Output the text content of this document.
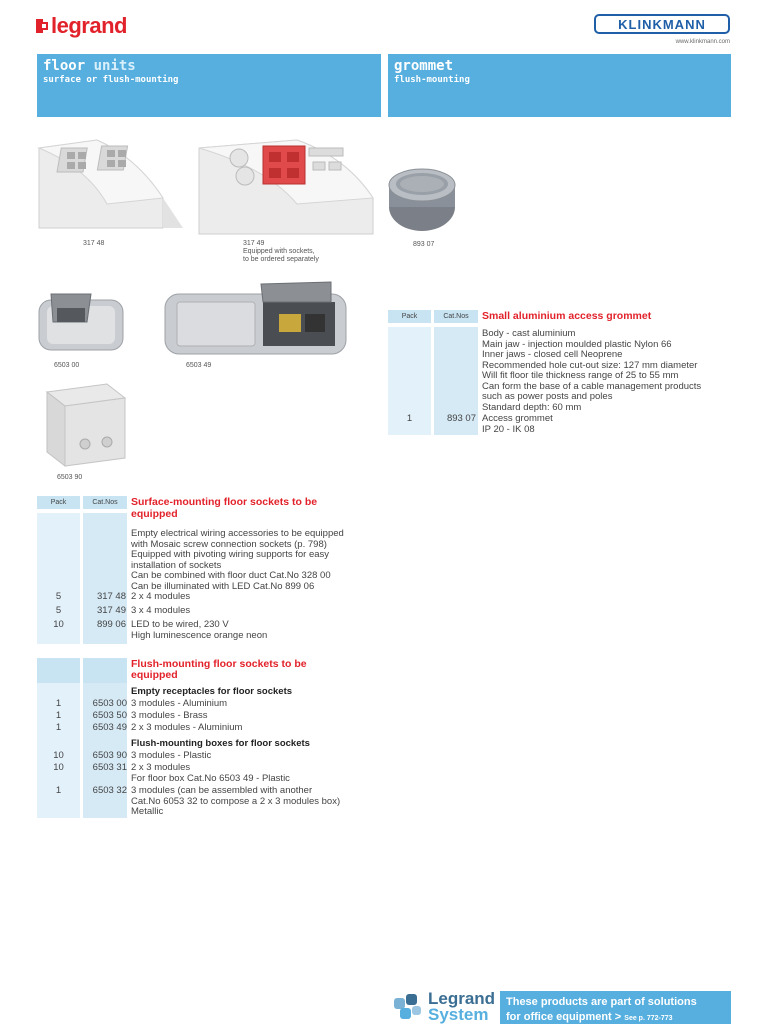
legrand	KLINKMANN
www.klinkmann.com
floor units
surface or flush-mounting
grommet
flush-mounting
317 48	317 49
Equipped with sockets,
to be ordered separately
893 07
6503 00	6503 49
6503 90
Pack	Cat.Nos	Small aluminium access grommet
Body - cast aluminium
Main jaw - injection moulded plastic Nylon 66
Inner jaws - closed cell Neoprene
Recommended hole cut-out size: 127 mm diameter
Will fit floor tile thickness range of 25 to 55 mm
Can form the base of a cable management products
such as power posts and poles
Standard depth: 60 mm
1	893 07 Access grommet
IP 20 - IK 08
Pack	Cat.Nos	Surface-mounting floor sockets to be
equipped
Empty electrical wiring accessories to be equipped
with Mosaic screw connection sockets (p. 798)
Equipped with pivoting wiring supports for easy
installation of sockets
Can be combined with floor duct Cat.No 328 00
Can be illuminated with LED Cat.No 899 06
5	317 48 2 x 4 modules
5	317 49 3 x 4 modules
10	899 06 LED to be wired, 230 V
High luminescence orange neon
Flush-mounting floor sockets to be
equipped
Empty receptacles for floor sockets
1	6503 00 3 modules - Aluminium
1	6503 50 3 modules - Brass
1	6503 49 2 x 3 modules - Aluminium
Flush-mounting boxes for floor sockets
10	6503 90 3 modules - Plastic
10	6503 31 2 x 3 modules
For floor box Cat.No 6503 49 - Plastic
1	6503 32 3 modules (can be assembled with another
Cat.No 6053 32 to compose a 2 x 3 modules box)
Metallic
Legrand
System
These products are part of solutions
for office equipment > See p. 772-773
